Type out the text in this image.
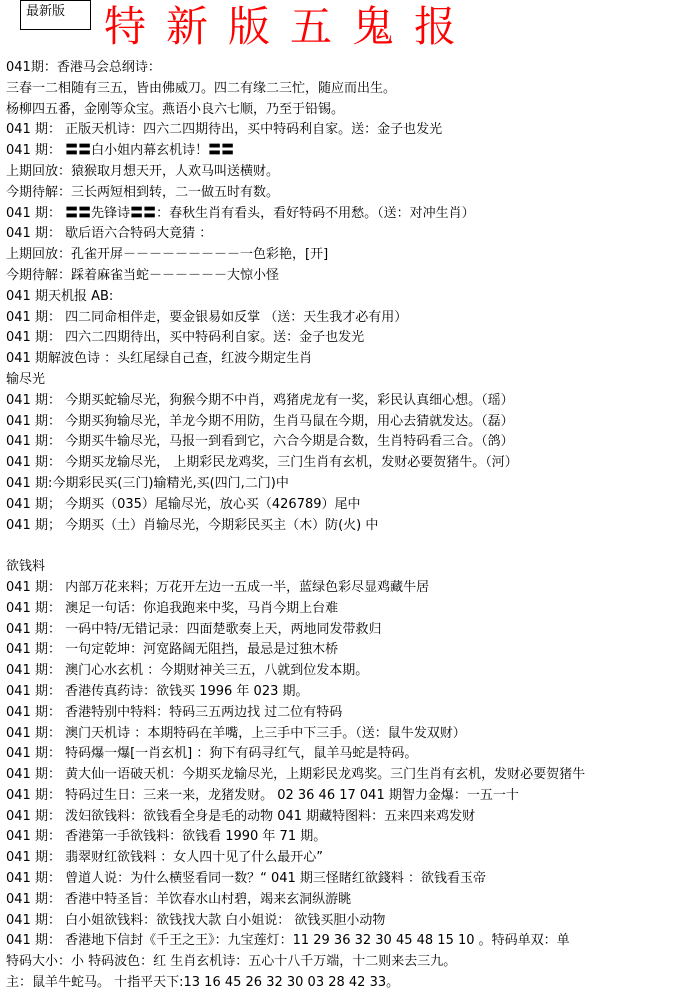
最新版 特新版五鬼报
041期：香港马会总纲诗：
三春一二相随有三五，皆由佛威刀。四二有缘二三忙，随应而出生。
杨柳四五番，金刚等众宝。燕语小良六七顺，乃至于铅锡。
041 期： 正版天机诗：四六二四期待出，买中特码利自家。送：金子也发光
041 期： 〓〓白小姐内幕玄机诗！〓〓
上期回放：猿猴取月想天开，人欢马叫送横财。
今期待解：三长两短相到转，二一做五时有数。
041 期： 〓〓先锋诗〓〓：春秋生肖有看头，看好特码不用愁。（送：对冲生肖）
041 期： 歇后语六合特码大竟猜 ：
上期回放：孔雀开屏－－－－－－－－－一色彩艳，[开]
今期待解：踩着麻雀当蛇－－－－－－大惊小怪
041 期天机报 AB:
041 期： 四二同命相伴走，要金银易如反掌 （送：天生我才必有用）
041 期： 四六二四期待出，买中特码利自家。送：金子也发光
041 期解波色诗 ：头红尾绿自己查，红波今期定生肖
输尽光
041 期： 今期买蛇输尽光，狗猴今期不中肖，鸡猪虎龙有一奖，彩民认真细心想。（瑶）
041 期： 今期买狗输尽光，羊龙今期不用防，生肖马鼠在今期，用心去猜就发达。（磊）
041 期： 今期买牛输尽光，马报一到看到它，六合今期是合数，生肖特码看三合。（鸽）
041 期： 今期买龙输尽光， 上期彩民龙鸡奖，三门生肖有玄机，发财必要贺猪牛。（河）
041 期:今期彩民买(三门)输精光,买(四门,二门)中
041 期； 今期买（035）尾输尽光，放心买（426789）尾中
041 期； 今期买（土）肖输尽光，今期彩民买主（木）防(火) 中
欲钱料
041 期： 内部万花来料；万花开左边一五成一半，蓝绿色彩尽显鸡藏牛居
041 期： 澳足一句话：你追我跑来中奖，马肖今期上台难
041 期： 一码中特/无错记录：四面楚歌奏上天，两地同发带救归
041 期： 一句定乾坤：河宽路阔无阻挡，最忌是过独木桥
041 期： 澳门心水玄机 ：今期财神关三五，八就到位发本期。
041 期： 香港传真药诗：欲钱买 1996 年 023 期。
041 期： 香港特别中特料：特码三五两边找 过二位有特码
041 期： 澳门天机诗 ：本期特码在羊嘴，上三手中下三手。（送：鼠牛发双财）
041 期： 特码爆一爆[一肖玄机] ：狗下有码寻红气，鼠羊马蛇是特码。
041 期： 黄大仙一语破天机：今期买龙输尽光，上期彩民龙鸡奖。三门生肖有玄机，发财必要贺猪牛
041 期： 特码过生日：三来一来，龙猪发财。 02 36 46 17 041 期智力金爆：一五一十
041 期： 泼妇欲钱料：欲钱看全身是毛的动物 041 期藏特图料：五来四来鸡发财
041 期： 香港第一手欲钱料：欲钱看 1990 年 71 期。
041 期： 翡翠财红欲钱料 ：女人四十见了什么最开心”
041 期： 曾道人说：为什么横竖看同一数？“ 041 期三怪睹红欲錢料 ：欲钱看玉帝
041 期： 香港中特圣旨：羊饮春水山村碧，竭来玄洞纵游眺
041 期： 白小姐欲钱料：欲钱找大款 白小姐说： 欲钱买胆小动物
041 期： 香港地下信封《千王之王》：九宝莲灯：11 29 36 32 30 45 48 15 10 。特码单双：单
特码大小：小 特码波色：红 生肖玄机诗：五心十八千万端，十二则来去三九。
主：鼠羊牛蛇马。 十指平天下:13 16 45 26 32 30 03 28 42 33。
